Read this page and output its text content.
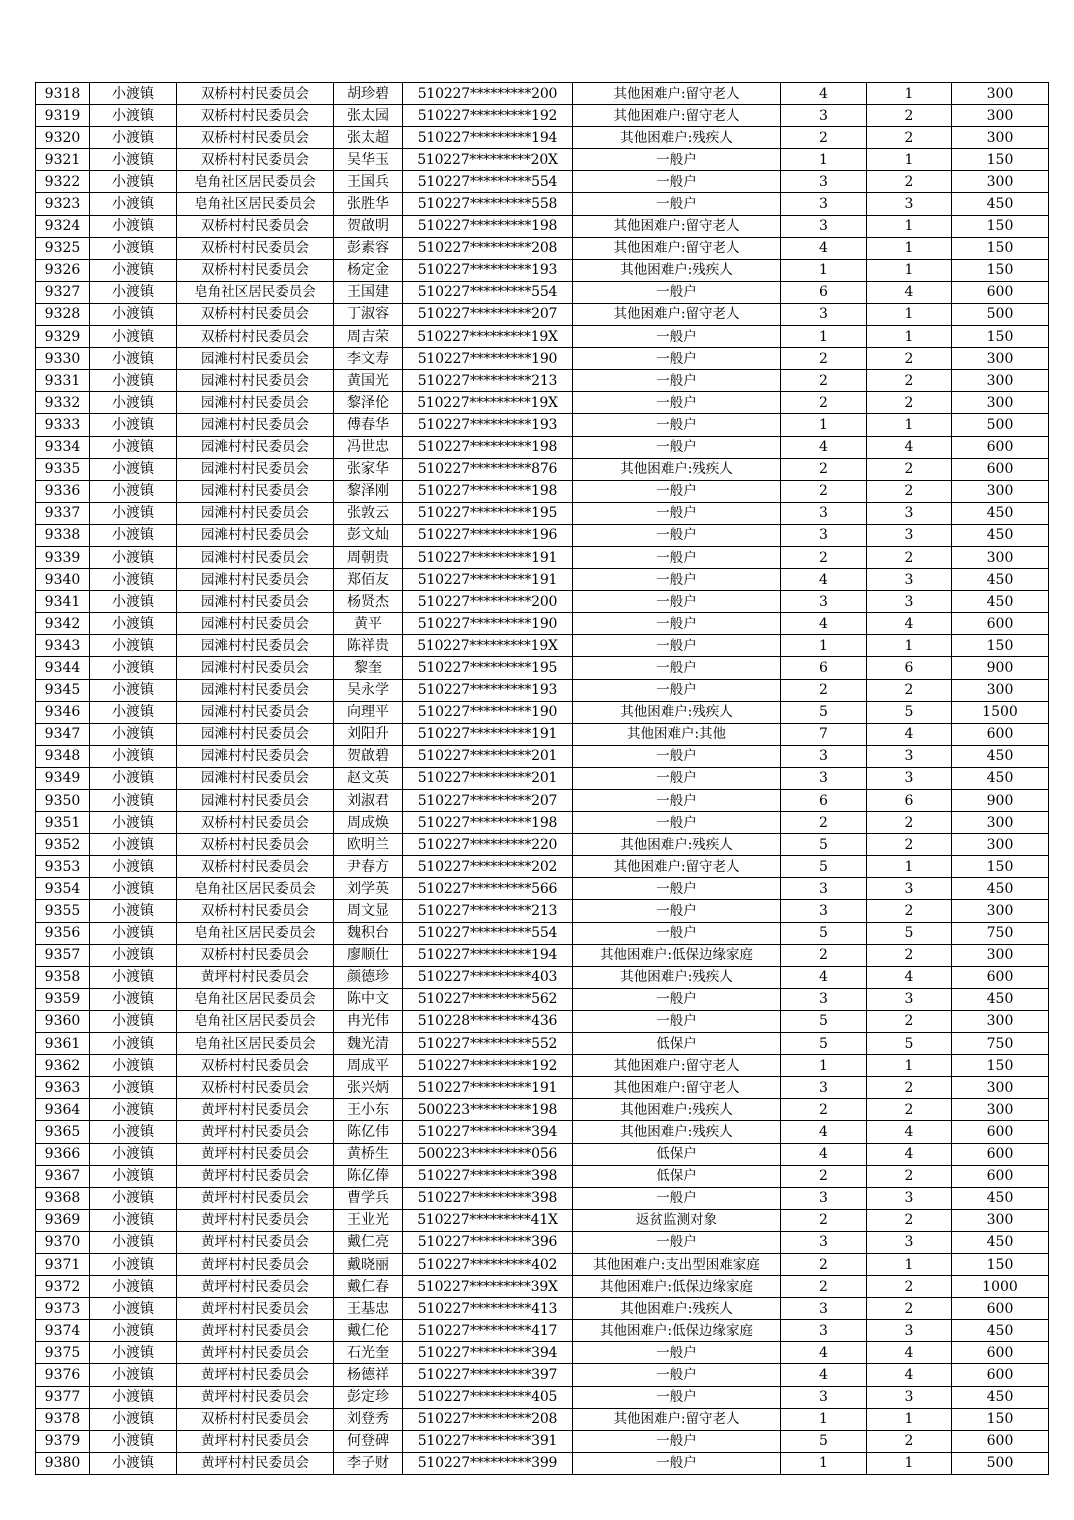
9318	小渡镇	双桥村村民委员会	胡珍碧	510227*********200	其他困难户:留守老人	4	1	300
9319	小渡镇	双桥村村民委员会	张太园	510227*********192	其他困难户:留守老人	3	2	300
9320	小渡镇	双桥村村民委员会	张太超	510227*********194	其他困难户:残疾人	2	2	300
9321	小渡镇	双桥村村民委员会	吴华玉	510227*********20X	一般户	1	1	150
9322	小渡镇	皂角社区居民委员会	王国兵	510227*********554	一般户	3	2	300
9323	小渡镇	皂角社区居民委员会	张胜华	510227*********558	一般户	3	3	450
9324	小渡镇	双桥村村民委员会	贺啟明	510227*********198	其他困难户:留守老人	3	1	150
9325	小渡镇	双桥村村民委员会	彭素容	510227*********208	其他困难户:留守老人	4	1	150
9326	小渡镇	双桥村村民委员会	杨定金	510227*********193	其他困难户:残疾人	1	1	150
9327	小渡镇	皂角社区居民委员会	王国建	510227*********554	一般户	6	4	600
9328	小渡镇	双桥村村民委员会	丁淑容	510227*********207	其他困难户:留守老人	3	1	500
9329	小渡镇	双桥村村民委员会	周吉荣	510227*********19X	一般户	1	1	150
9330	小渡镇	园滩村村民委员会	李文寿	510227*********190	一般户	2	2	300
9331	小渡镇	园滩村村民委员会	黄国光	510227*********213	一般户	2	2	300
9332	小渡镇	园滩村村民委员会	黎泽伦	510227*********19X	一般户	2	2	300
9333	小渡镇	园滩村村民委员会	傅春华	510227*********193	一般户	1	1	500
9334	小渡镇	园滩村村民委员会	冯世忠	510227*********198	一般户	4	4	600
9335	小渡镇	园滩村村民委员会	张家华	510227*********876	其他困难户:残疾人	2	2	600
9336	小渡镇	园滩村村民委员会	黎泽刚	510227*********198	一般户	2	2	300
9337	小渡镇	园滩村村民委员会	张敦云	510227*********195	一般户	3	3	450
9338	小渡镇	园滩村村民委员会	彭文灿	510227*********196	一般户	3	3	450
9339	小渡镇	园滩村村民委员会	周朝贵	510227*********191	一般户	2	2	300
9340	小渡镇	园滩村村民委员会	郑佰友	510227*********191	一般户	4	3	450
9341	小渡镇	园滩村村民委员会	杨贤杰	510227*********200	一般户	3	3	450
9342	小渡镇	园滩村村民委员会	黄平	510227*********190	一般户	4	4	600
9343	小渡镇	园滩村村民委员会	陈祥贵	510227*********19X	一般户	1	1	150
9344	小渡镇	园滩村村民委员会	黎奎	510227*********195	一般户	6	6	900
9345	小渡镇	园滩村村民委员会	吴永学	510227*********193	一般户	2	2	300
9346	小渡镇	园滩村村民委员会	向理平	510227*********190	其他困难户:残疾人	5	5	1500
9347	小渡镇	园滩村村民委员会	刘阳升	510227*********191	其他困难户:其他	7	4	600
9348	小渡镇	园滩村村民委员会	贺啟碧	510227*********201	一般户	3	3	450
9349	小渡镇	园滩村村民委员会	赵文英	510227*********201	一般户	3	3	450
9350	小渡镇	园滩村村民委员会	刘淑君	510227*********207	一般户	6	6	900
9351	小渡镇	双桥村村民委员会	周成焕	510227*********198	一般户	2	2	300
9352	小渡镇	双桥村村民委员会	欧明兰	510227*********220	其他困难户:残疾人	5	2	300
9353	小渡镇	双桥村村民委员会	尹春方	510227*********202	其他困难户:留守老人	5	1	150
9354	小渡镇	皂角社区居民委员会	刘学英	510227*********566	一般户	3	3	450
9355	小渡镇	双桥村村民委员会	周文显	510227*********213	一般户	3	2	300
9356	小渡镇	皂角社区居民委员会	魏积台	510227*********554	一般户	5	5	750
9357	小渡镇	双桥村村民委员会	廖顺仕	510227*********194	其他困难户:低保边缘家庭	2	2	300
9358	小渡镇	黄坪村村民委员会	颜德珍	510227*********403	其他困难户:残疾人	4	4	600
9359	小渡镇	皂角社区居民委员会	陈中文	510227*********562	一般户	3	3	450
9360	小渡镇	皂角社区居民委员会	冉光伟	510228*********436	一般户	5	2	300
9361	小渡镇	皂角社区居民委员会	魏光清	510227*********552	低保户	5	5	750
9362	小渡镇	双桥村村民委员会	周成平	510227*********192	其他困难户:留守老人	1	1	150
9363	小渡镇	双桥村村民委员会	张兴炳	510227*********191	其他困难户:留守老人	3	2	300
9364	小渡镇	黄坪村村民委员会	王小东	500223*********198	其他困难户:残疾人	2	2	300
9365	小渡镇	黄坪村村民委员会	陈亿伟	510227*********394	其他困难户:残疾人	4	4	600
9366	小渡镇	黄坪村村民委员会	黄桥生	500223*********056	低保户	4	4	600
9367	小渡镇	黄坪村村民委员会	陈亿俸	510227*********398	低保户	2	2	600
9368	小渡镇	黄坪村村民委员会	曹学兵	510227*********398	一般户	3	3	450
9369	小渡镇	黄坪村村民委员会	王业光	510227*********41X	返贫监测对象	2	2	300
9370	小渡镇	黄坪村村民委员会	戴仁亮	510227*********396	一般户	3	3	450
9371	小渡镇	黄坪村村民委员会	戴晓丽	510227*********402	其他困难户:支出型困难家庭	2	1	150
9372	小渡镇	黄坪村村民委员会	戴仁春	510227*********39X	其他困难户:低保边缘家庭	2	2	1000
9373	小渡镇	黄坪村村民委员会	王基忠	510227*********413	其他困难户:残疾人	3	2	600
9374	小渡镇	黄坪村村民委员会	戴仁伦	510227*********417	其他困难户:低保边缘家庭	3	3	450
9375	小渡镇	黄坪村村民委员会	石光奎	510227*********394	一般户	4	4	600
9376	小渡镇	黄坪村村民委员会	杨德祥	510227*********397	一般户	4	4	600
9377	小渡镇	黄坪村村民委员会	彭定珍	510227*********405	一般户	3	3	450
9378	小渡镇	双桥村村民委员会	刘登秀	510227*********208	其他困难户:留守老人	1	1	150
9379	小渡镇	黄坪村村民委员会	何登碑	510227*********391	一般户	5	2	600
9380	小渡镇	黄坪村村民委员会	李子财	510227*********399	一般户	1	1	500
